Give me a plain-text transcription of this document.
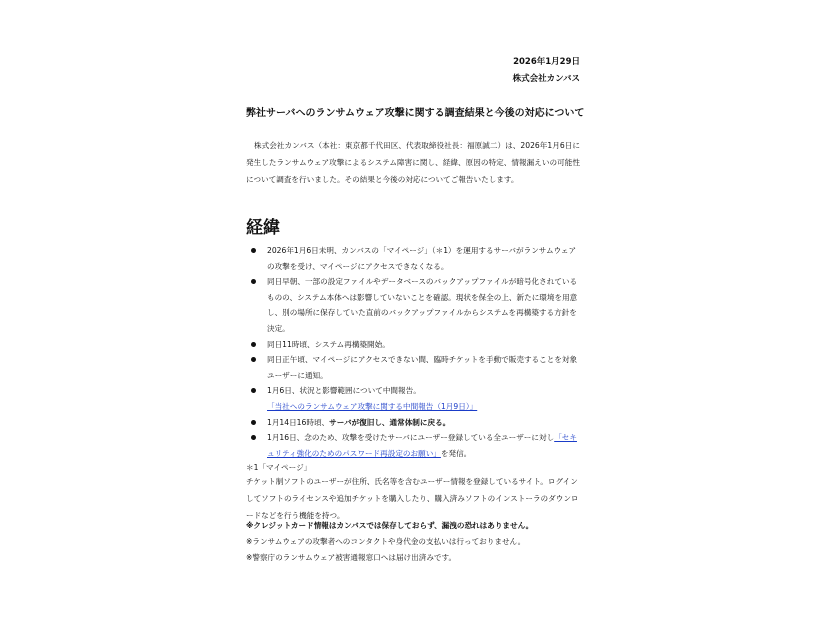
2026年1月29日
株式会社カンバス
弊社サーバへのランサムウェア攻撃に関する調査結果と今後の対応について
株式会社カンバス（本社：東京都千代田区、代表取締役社長：福原誠二）は、2026年1月6日に発生したランサムウェア攻撃によるシステム障害に関し、経緯、原因の特定、情報漏えいの可能性について調査を行いました。その結果と今後の対応についてご報告いたします。
経緯
2026年1月6日未明、カンバスの「マイページ」（＊1）を運用するサーバがランサムウェアの攻撃を受け、マイページにアクセスできなくなる。
同日早朝、一部の設定ファイルやデータベースのバックアップファイルが暗号化されているものの、システム本体へは影響していないことを確認。現状を保全の上、新たに環境を用意し、別の場所に保存していた直前のバックアップファイルからシステムを再構築する方針を決定。
同日11時頃、システム再構築開始。
同日正午頃、マイページにアクセスできない間、臨時チケットを手動で販売することを対象ユーザーに通知。
1月6日、状況と影響範囲について中間報告。
「当社へのランサムウェア攻撃に関する中間報告（1月9日）」
1月14日16時頃、サーバが復旧し、通常体制に戻る。
1月16日、念のため、攻撃を受けたサーバにユーザー登録している全ユーザーに対し「セキュリティ強化のためのパスワード再設定のお願い」を発信。
＊1「マイページ」
チケット制ソフトのユーザーが住所、氏名等を含むユーザー情報を登録しているサイト。ログインしてソフトのライセンスや追加チケットを購入したり、購入済みソフトのインストーラのダウンロードなどを行う機能を持つ。
※クレジットカード情報はカンバスでは保存しておらず、漏洩の恐れはありません。
※ランサムウェアの攻撃者へのコンタクトや身代金の支払いは行っておりません。
※警察庁のランサムウェア被害通報窓口へは届け出済みです。
